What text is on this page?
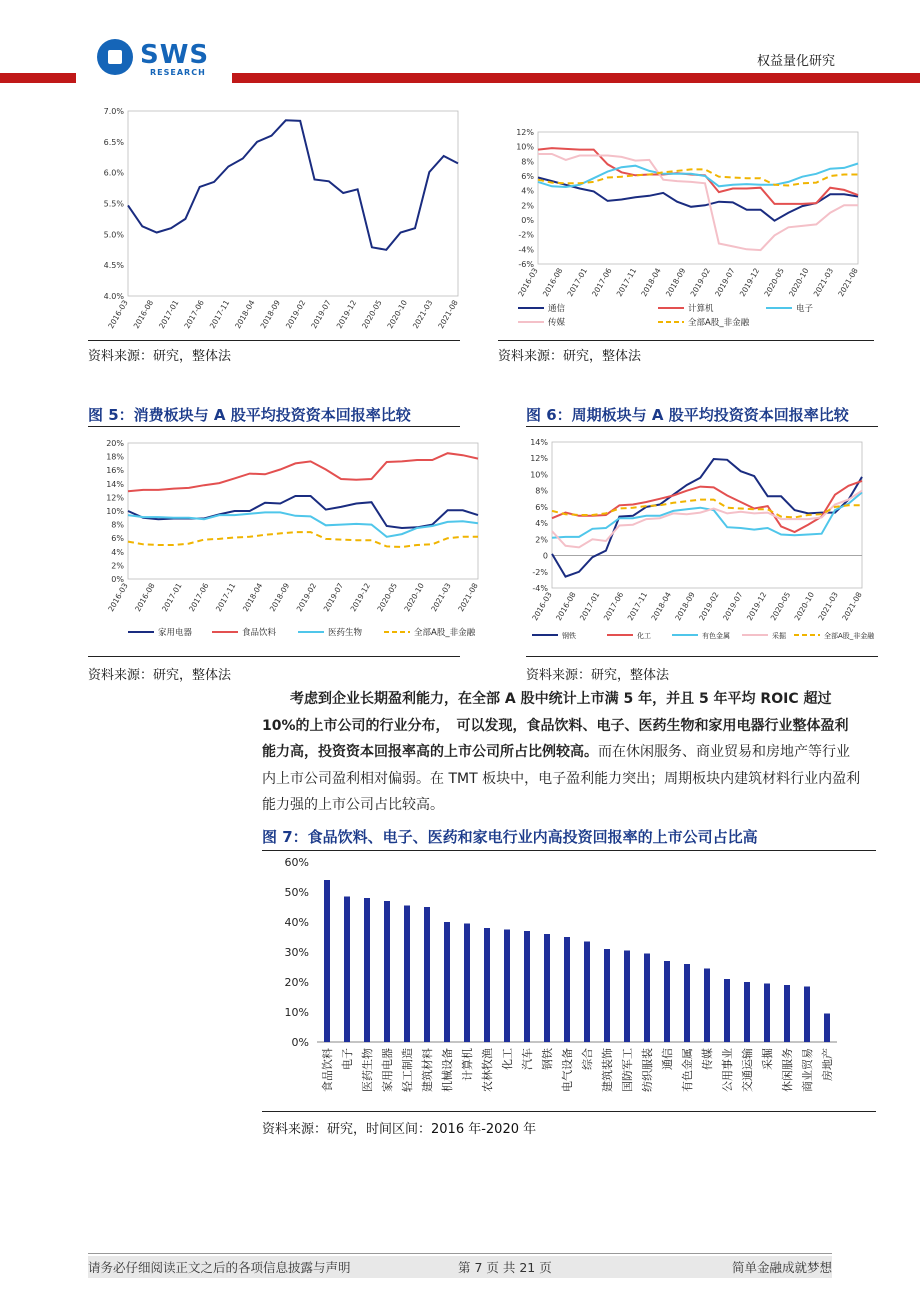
SWS
RESEARCH
权益量化研究
4.0%
4.5%
5.0%
5.5%
6.0%
6.5%
7.0%
2016-03 2016-08 2017-01 2017-06 2017-11 2018-04 2018-09 2019-02 2019-07 2019-12 2020-05 2020-10 2021-03 2021-08
-6%
-4%
-2%
0%
2%
4%
6%
8%
10%
12%
2016-03 2016-08 2017-01 2017-06 2017-11 2018-04 2018-09 2019-02 2019-07 2019-12 2020-05 2020-10 2021-03 2021-08
通信	计算机	电子
传媒	全部A股_非金融
资料来源：研究，整体法	资料来源：研究，整体法
图 5：消费板块与 A 股平均投资资本回报率比较	图 6：周期板块与 A 股平均投资资本回报率比较
0%
2%
4%
6%
8%
10%
12%
14%
16%
18%
20%
2016-03 2016-08 2017-01 2017-06 2017-11 2018-04 2018-09 2019-02 2019-07 2019-12 2020-05 2020-10 2021-03 2021-08
家用电器	食品饮料	医药生物	全部A股_非金融
-4%
-2%
0
2%
4%
6%
8%
10%
12%
14%
2016-03 2016-08 2017-01 2017-06 2017-11 2018-04 2018-09 2019-02 2019-07 2019-12 2020-05 2020-10 2021-03 2021-08
钢铁	化工	有色金属	采掘	全部A股_非金融
资料来源：研究，整体法	资料来源：研究，整体法
考虑到企业长期盈利能力，在全部 A 股中统计上市满 5 年，并且 5 年平均 ROIC 超过　10%的上市公司的行业分布，　可以发现，食品饮料、电子、医药生物和家用电器行业整体盈利能力高，投资资本回报率高的上市公司所占比例较高。而在休闲服务、商业贸易和房地产等行业内上市公司盈利相对偏弱。在 TMT 板块中，电子盈利能力突出；周期板块内建筑材料行业内盈利能力强的上市公司占比较高。
图 7：食品饮料、电子、医药和家电行业内高投资回报率的上市公司占比高
0%
10%
20%
30%
40%
50%
60%
食品饮料 电子 医药生物 家用电器 轻工制造 建筑材料 机械设备 计算机 农林牧渔 化工 汽车 钢铁 电气设备 综合 建筑装饰 国防军工 纺织服装 通信 有色金属 传媒 公用事业 交通运输 采掘 休闲服务 商业贸易 房地产
资料来源：研究，时间区间：2016 年-2020 年
请务必仔细阅读正文之后的各项信息披露与声明	第 7 页 共 21 页	简单金融成就梦想
